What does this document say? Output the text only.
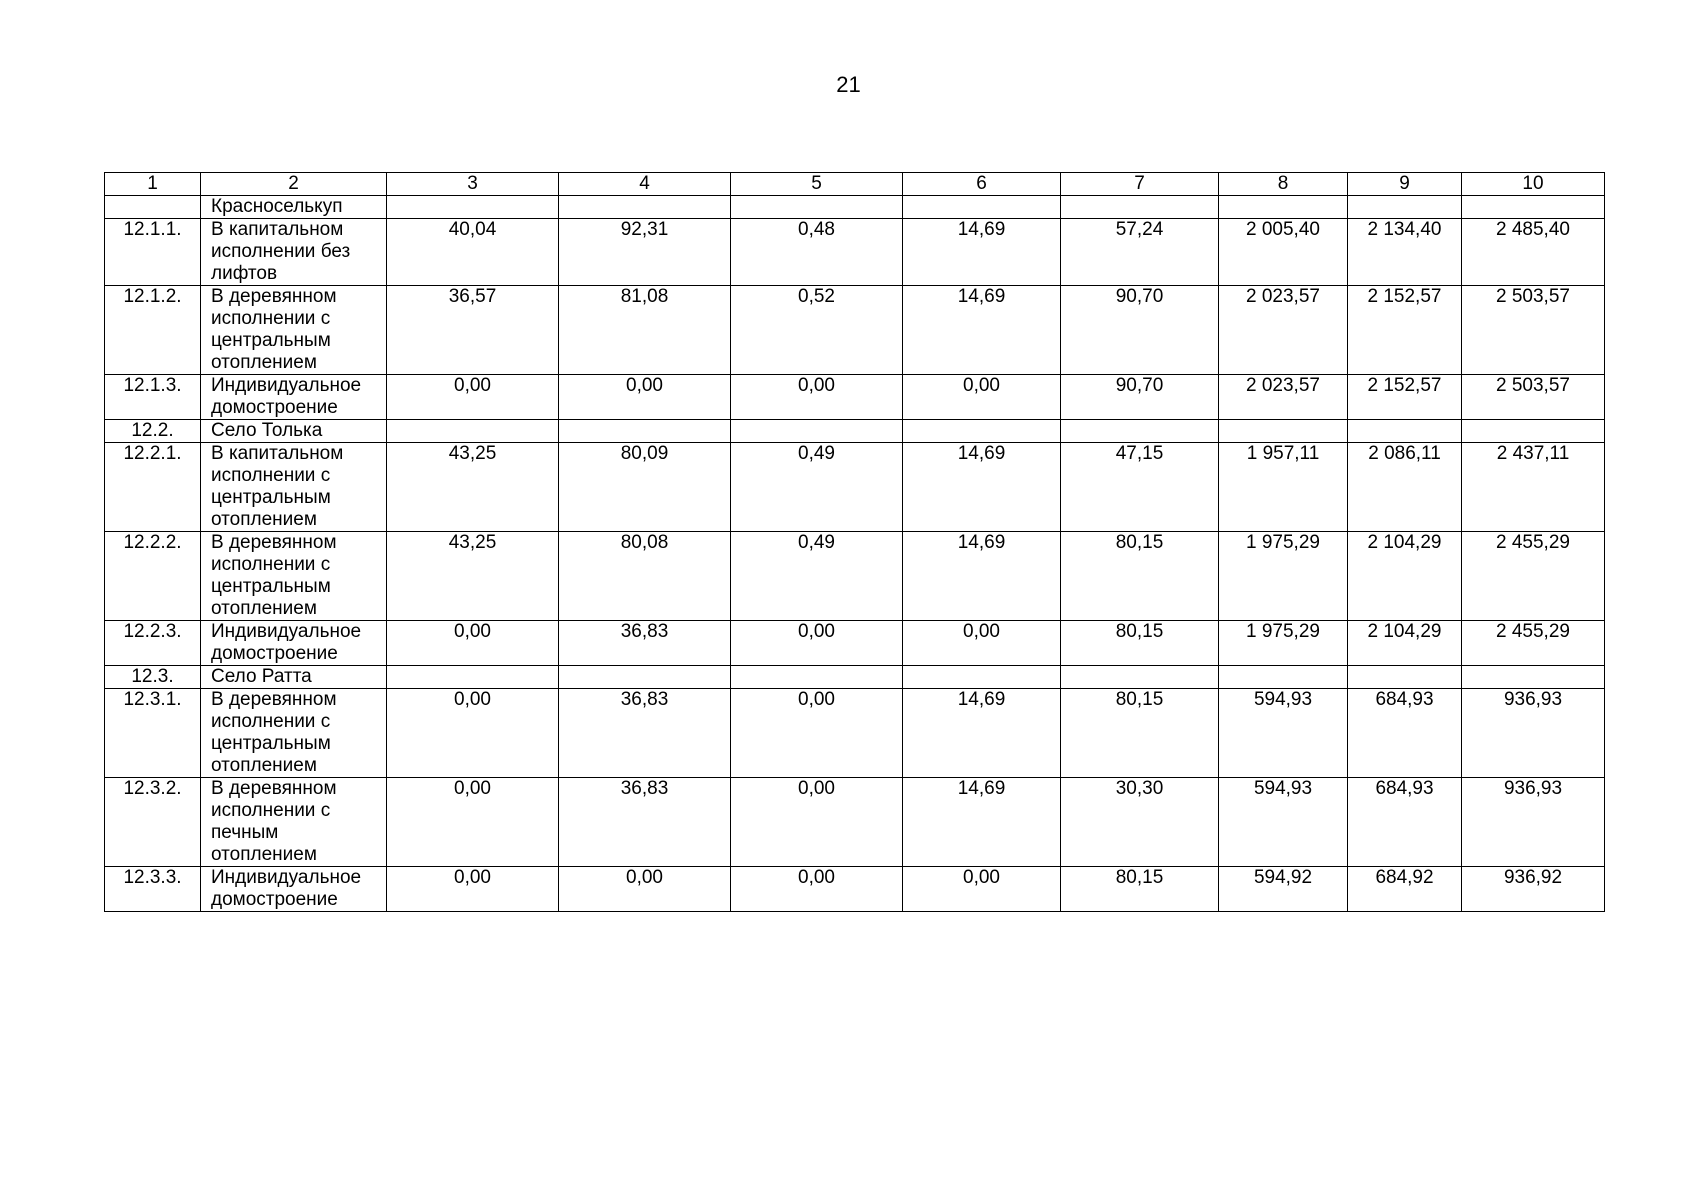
21
1	2	3	4	5	6	7	8	9	10
	Красноселькуп								
12.1.1.	В капитальном исполнении без лифтов	40,04	92,31	0,48	14,69	57,24	2 005,40	2 134,40	2 485,40
12.1.2.	В деревянном исполнении с центральным отоплением	36,57	81,08	0,52	14,69	90,70	2 023,57	2 152,57	2 503,57
12.1.3.	Индивидуальное домостроение	0,00	0,00	0,00	0,00	90,70	2 023,57	2 152,57	2 503,57
12.2.	Село Толька								
12.2.1.	В капитальном исполнении с центральным отоплением	43,25	80,09	0,49	14,69	47,15	1 957,11	2 086,11	2 437,11
12.2.2.	В деревянном исполнении с центральным отоплением	43,25	80,08	0,49	14,69	80,15	1 975,29	2 104,29	2 455,29
12.2.3.	Индивидуальное домостроение	0,00	36,83	0,00	0,00	80,15	1 975,29	2 104,29	2 455,29
12.3.	Село Ратта								
12.3.1.	В деревянном исполнении с центральным отоплением	0,00	36,83	0,00	14,69	80,15	594,93	684,93	936,93
12.3.2.	В деревянном исполнении с печным отоплением	0,00	36,83	0,00	14,69	30,30	594,93	684,93	936,93
12.3.3.	Индивидуальное домостроение	0,00	0,00	0,00	0,00	80,15	594,92	684,92	936,92
